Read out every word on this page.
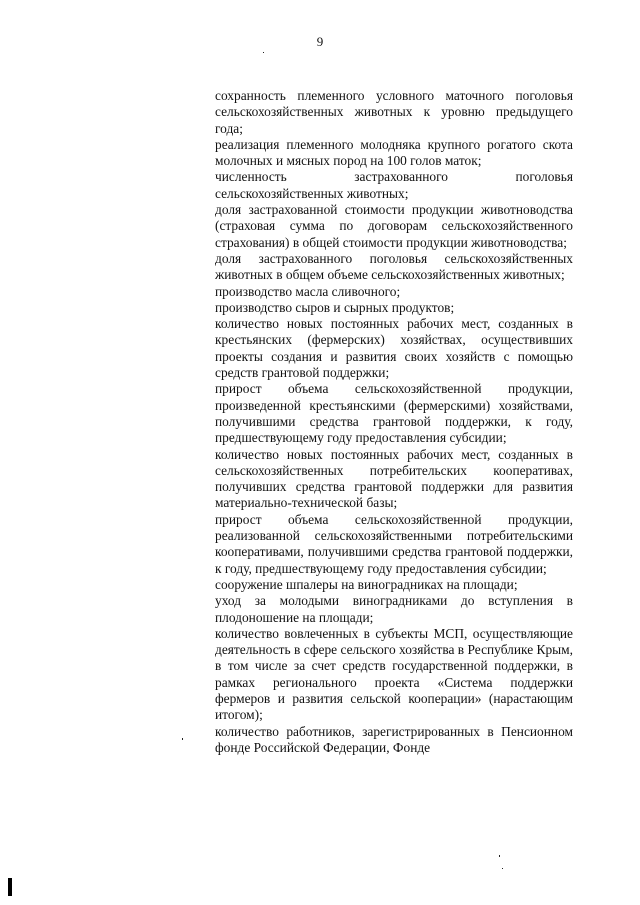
9

сохранность племенного условного маточного поголовья сельскохозяйственных животных к уровню предыдущего года;

реализация племенного молодняка крупного рогатого скота молочных и мясных пород на 100 голов маток;

численность застрахованного поголовья сельскохозяйственных животных;

доля застрахованной стоимости продукции животноводства (страховая сумма по договорам сельскохозяйственного страхования) в общей стоимости продукции животноводства;

доля застрахованного поголовья сельскохозяйственных животных в общем объеме сельскохозяйственных животных;

производство масла сливочного;

производство сыров и сырных продуктов;

количество новых постоянных рабочих мест, созданных в крестьянских (фермерских) хозяйствах, осуществивших проекты создания и развития своих хозяйств с помощью средств грантовой поддержки;

прирост объема сельскохозяйственной продукции, произведенной крестьянскими (фермерскими) хозяйствами, получившими средства грантовой поддержки, к году, предшествующему году предоставления субсидии;

количество новых постоянных рабочих мест, созданных в сельскохозяйственных потребительских кооперативах, получивших средства грантовой поддержки для развития материально-технической базы;

прирост объема сельскохозяйственной продукции, реализованной сельскохозяйственными потребительскими кооперативами, получившими средства грантовой поддержки, к году, предшествующему году предоставления субсидии;

сооружение шпалеры на виноградниках на площади;

уход за молодыми виноградниками до вступления в плодоношение на площади;

количество вовлеченных в субъекты МСП, осуществляющие деятельность в сфере сельского хозяйства в Республике Крым, в том числе за счет средств государственной поддержки, в рамках регионального проекта «Система поддержки фермеров и развития сельской кооперации» (нарастающим итогом);

количество работников, зарегистрированных в Пенсионном фонде Российской Федерации, Фонде
